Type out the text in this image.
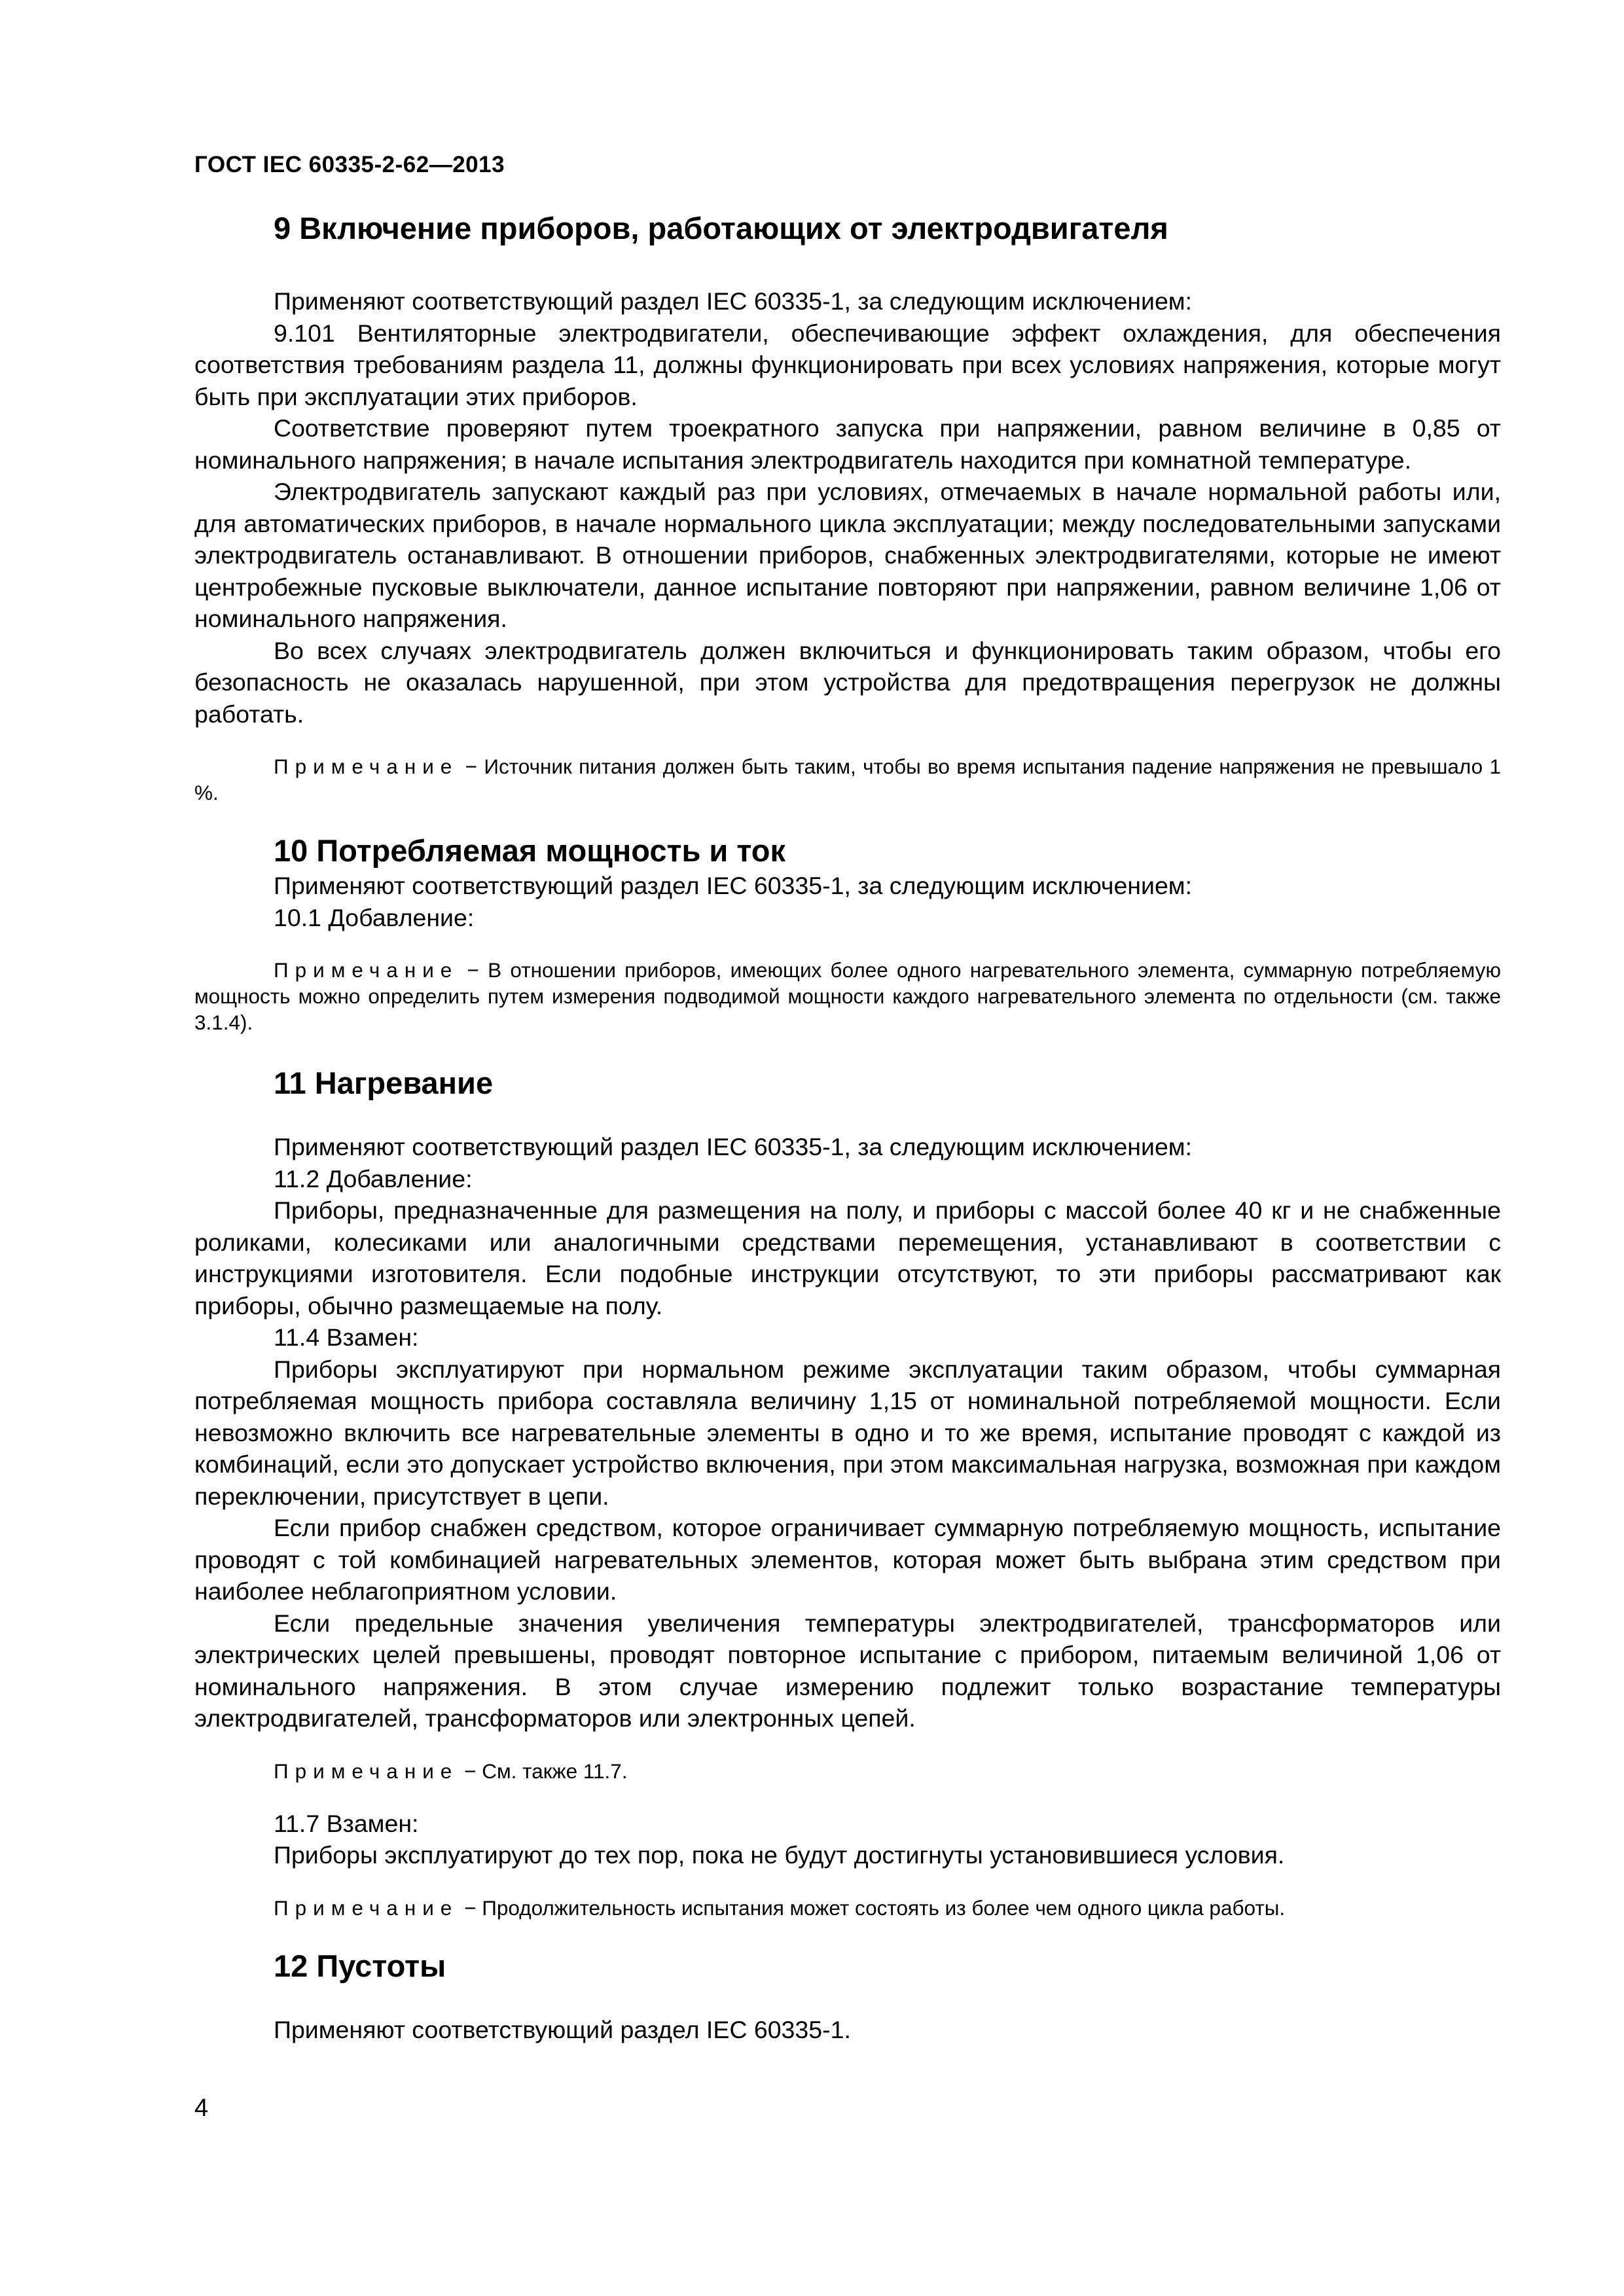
ГОСТ IEC 60335-2-62—2013
9 Включение приборов, работающих от электродвигателя

Применяют соответствующий раздел IEC 60335-1, за следующим исключением:

9.101 Вентиляторные электродвигатели, обеспечивающие эффект охлаждения, для обеспечения соответствия требованиям раздела 11, должны функционировать при всех условиях напряжения, которые могут быть при эксплуатации этих приборов.

Соответствие проверяют путем троекратного запуска при напряжении, равном величине в 0,85 от номинального напряжения; в начале испытания электродвигатель находится при комнатной температуре.

Электродвигатель запускают каждый раз при условиях, отмечаемых в начале нормальной работы или, для автоматических приборов, в начале нормального цикла эксплуатации; между последовательными запусками электродвигатель останавливают. В отношении приборов, снабженных электродвигателями, которые не имеют центробежные пусковые выключатели, данное испытание повторяют при напряжении, равном величине 1,06 от номинального напряжения.

Во всех случаях электродвигатель должен включиться и функционировать таким образом, чтобы его безопасность не оказалась нарушенной, при этом устройства для предотвращения перегрузок не должны работать.

Примечание − Источник питания должен быть таким, чтобы во время испытания падение напряжения не превышало 1 %.

10 Потребляемая мощность и ток

Применяют соответствующий раздел IEC 60335-1, за следующим исключением:

10.1 Добавление:

Примечание − В отношении приборов, имеющих более одного нагревательного элемента, суммарную потребляемую мощность можно определить путем измерения подводимой мощности каждого нагревательного элемента по отдельности (см. также 3.1.4).

11 Нагревание

Применяют соответствующий раздел IEC 60335-1, за следующим исключением:

11.2 Добавление:

Приборы, предназначенные для размещения на полу, и приборы с массой более 40 кг и не снабженные роликами, колесиками или аналогичными средствами перемещения, устанавливают в соответствии с инструкциями изготовителя. Если подобные инструкции отсутствуют, то эти приборы рассматривают как приборы, обычно размещаемые на полу.

11.4 Взамен:

Приборы эксплуатируют при нормальном режиме эксплуатации таким образом, чтобы суммарная потребляемая мощность прибора составляла величину 1,15 от номинальной потребляемой мощности. Если невозможно включить все нагревательные элементы в одно и то же время, испытание проводят с каждой из комбинаций, если это допускает устройство включения, при этом максимальная нагрузка, возможная при каждом переключении, присутствует в цепи.

Если прибор снабжен средством, которое ограничивает суммарную потребляемую мощность, испытание проводят с той комбинацией нагревательных элементов, которая может быть выбрана этим средством при наиболее неблагоприятном условии.

Если предельные значения увеличения температуры электродвигателей, трансформаторов или электрических целей превышены, проводят повторное испытание с прибором, питаемым величиной 1,06 от номинального напряжения. В этом случае измерению подлежит только возрастание температуры электродвигателей, трансформаторов или электронных цепей.

Примечание − См. также 11.7.

11.7 Взамен:

Приборы эксплуатируют до тех пор, пока не будут достигнуты установившиеся условия.

Примечание − Продолжительность испытания может состоять из более чем одного цикла работы.

12 Пустоты

Применяют соответствующий раздел IEC 60335-1.

4
